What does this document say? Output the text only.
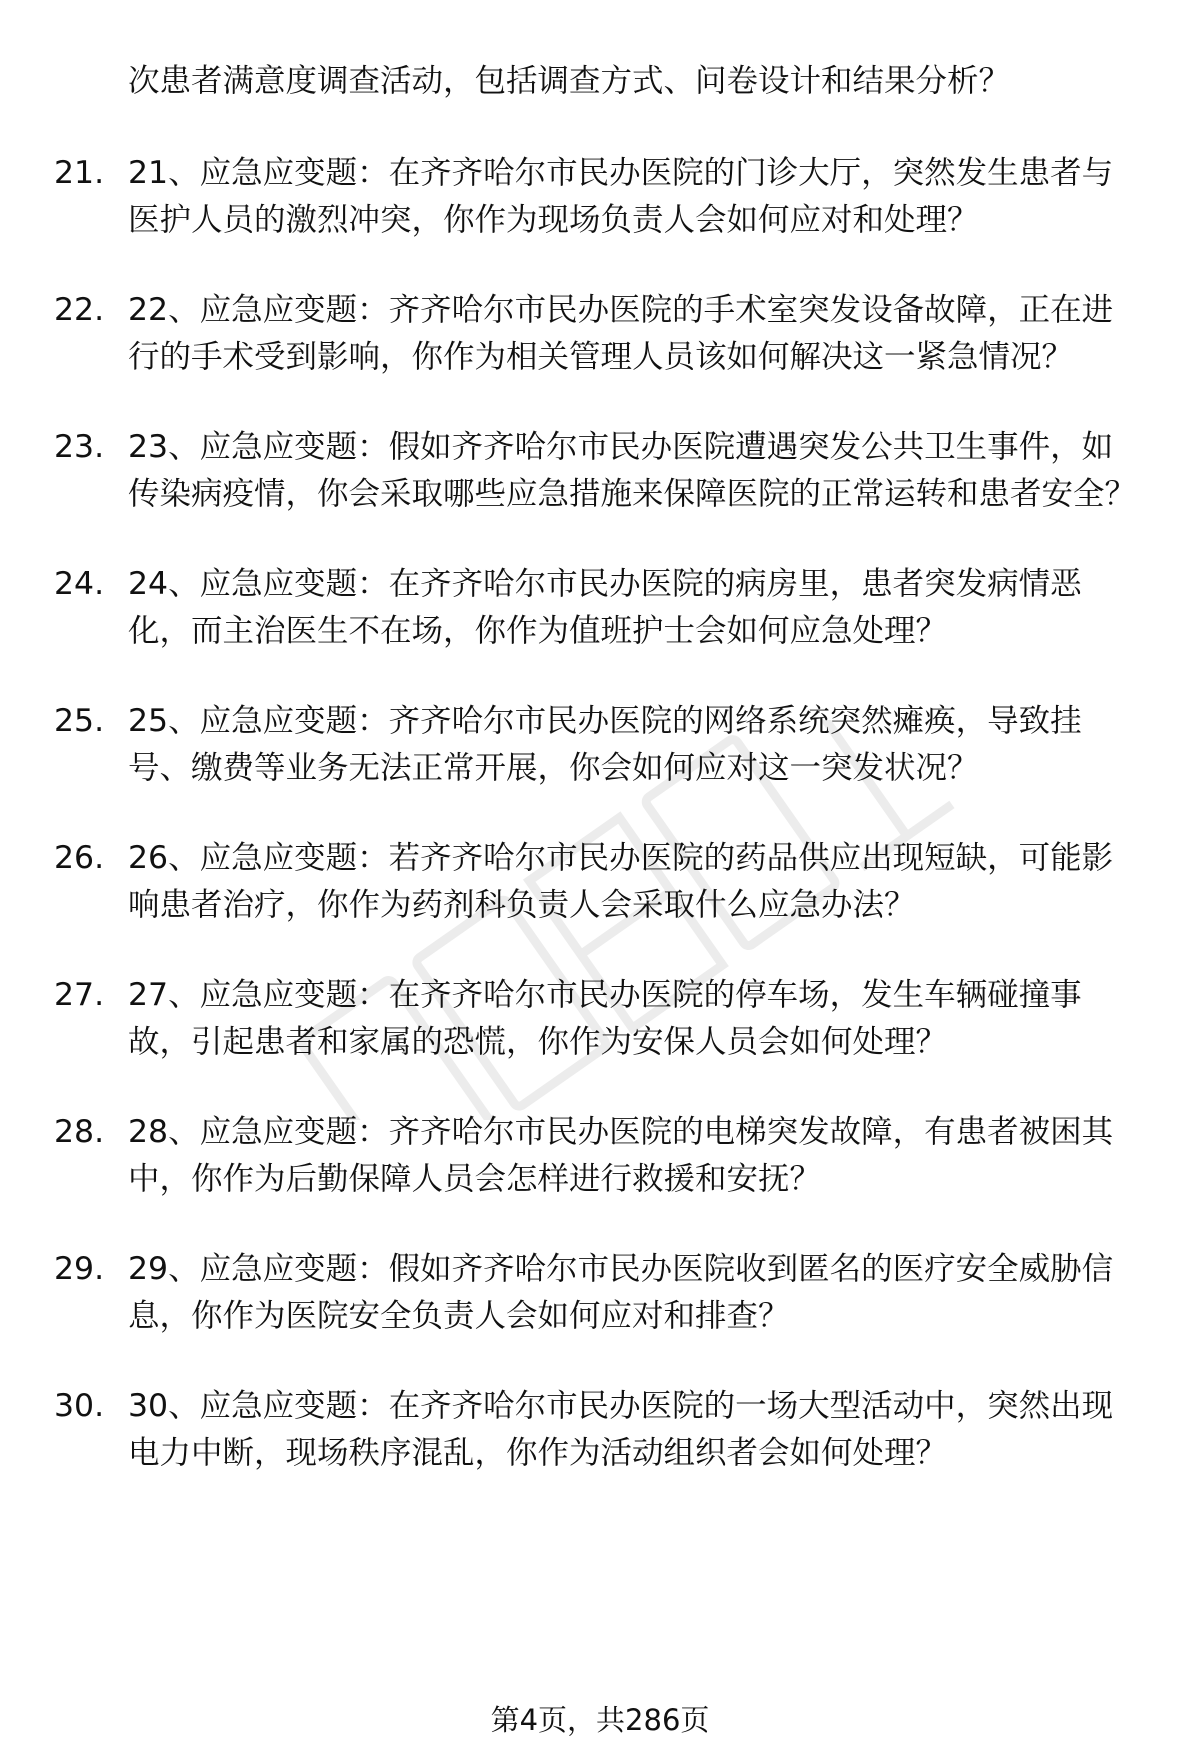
次患者满意度调查活动，包括调查方式、问卷设计和结果分析？

21. 21、应急应变题：在齐齐哈尔市民办医院的门诊大厅，突然发生患者与医护人员的激烈冲突，你作为现场负责人会如何应对和处理？

22. 22、应急应变题：齐齐哈尔市民办医院的手术室突发设备故障，正在进行的手术受到影响，你作为相关管理人员该如何解决这一紧急情况？

23. 23、应急应变题：假如齐齐哈尔市民办医院遭遇突发公共卫生事件，如传染病疫情，你会采取哪些应急措施来保障医院的正常运转和患者安全？

24. 24、应急应变题：在齐齐哈尔市民办医院的病房里，患者突发病情恶化，而主治医生不在场，你作为值班护士会如何应急处理？

25. 25、应急应变题：齐齐哈尔市民办医院的网络系统突然瘫痪，导致挂号、缴费等业务无法正常开展，你会如何应对这一突发状况？

26. 26、应急应变题：若齐齐哈尔市民办医院的药品供应出现短缺，可能影响患者治疗，你作为药剂科负责人会采取什么应急办法？

27. 27、应急应变题：在齐齐哈尔市民办医院的停车场，发生车辆碰撞事故，引起患者和家属的恐慌，你作为安保人员会如何处理？

28. 28、应急应变题：齐齐哈尔市民办医院的电梯突发故障，有患者被困其中，你作为后勤保障人员会怎样进行救援和安抚？

29. 29、应急应变题：假如齐齐哈尔市民办医院收到匿名的医疗安全威胁信息，你作为医院安全负责人会如何应对和排查？

30. 30、应急应变题：在齐齐哈尔市民办医院的一场大型活动中，突然出现电力中断，现场秩序混乱，你作为活动组织者会如何处理？

第4页，共286页
